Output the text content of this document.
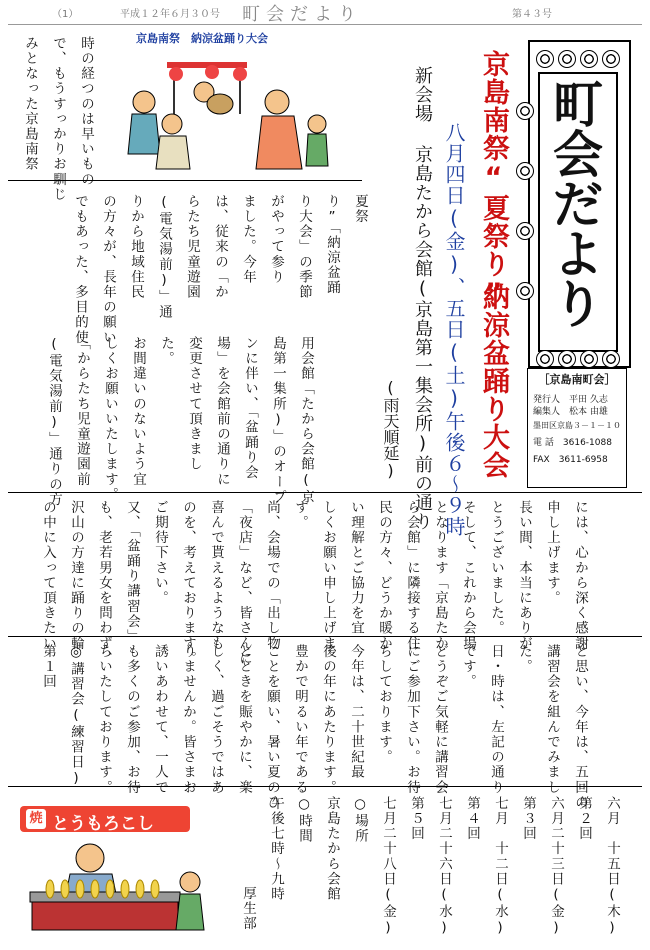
（1）	平成１２年６月３０号 町会だより	第４３号
京島南祭　納涼盆踊り大会
時の経つのは早いもの
で、もうすっかりお馴じ
みとなった京島南祭	京島南祭“夏祭り”
納涼盆踊り大会
八月四日(金)、五日(土)午後６～９時
(雨天順延) 新会場 京島たから会館(京島第一集会所)前の通り 町
会
だ
よ
り
［京島南町会］
発行人　 平田 久志
編集人　 松本 由雄
墨田区京島３－１－１０
電 話　 3616-1088
FAX　 3611-6958
夏祭
り”「納涼盆踊
り大会」の季節
がやって参り
ました。今年
は、従来の「か
らたち児童遊園
(電気湯前)」通
りから地域住民
の方々が、長年の願い
でもあった、多目的使
用会館「たから会館(京
島第一集所)」のオープ
ンに伴い、「盆踊り会
場」を会館前の通りに
変更させて頂きまし
た。
お間違いのないよう宜
しくお願いいたします。
「からたち児童遊園前
(電気湯前)」通りの方
には、心から深く感謝
申し上げます。
長い間、本当にありが
とうございました。
そして、これから会場
となります「京島たか
ら会館」に隣接する住
民の方々、どうか暖か
い理解とご協力を宜
しくお願い申し上げま
す。
尚、会場での「出し物
「夜店」など、皆さんに
喜んで貰えるようなも
のを、考えております。
ご期待下さい。
又、「盆踊り講習会」
も、老若男女を問わず、
沢山の方達に踊りの輪
の中に入って頂きたい
と思い、今年は、五回の
講習会を組んでみまし
た。
日・時は、左記の通り
です。
どうぞご気軽に講習会
にご参加下さい。お待
ちしております。
今年は、二十世紀最
後の年にあたります。
豊かで明るい年である
ことを願い、暑い夏のひ
とときを賑やかに、楽
しく、過ごそうではあ
りませんか。皆さまお
誘いあわせて、一人で
も多くのご参加、お待
ちいたしております。
◎講習会(練習日)
第１回
焼 とうもろこし	六月　十五日(木)
第２回
六月二十三日(金)
第３回
七月　十二日(水)
第４回
七月二十六日(水)
第５回
七月二十八日(金)
○場所
京島たから会館
○時間
午後七時～九時
厚生部
